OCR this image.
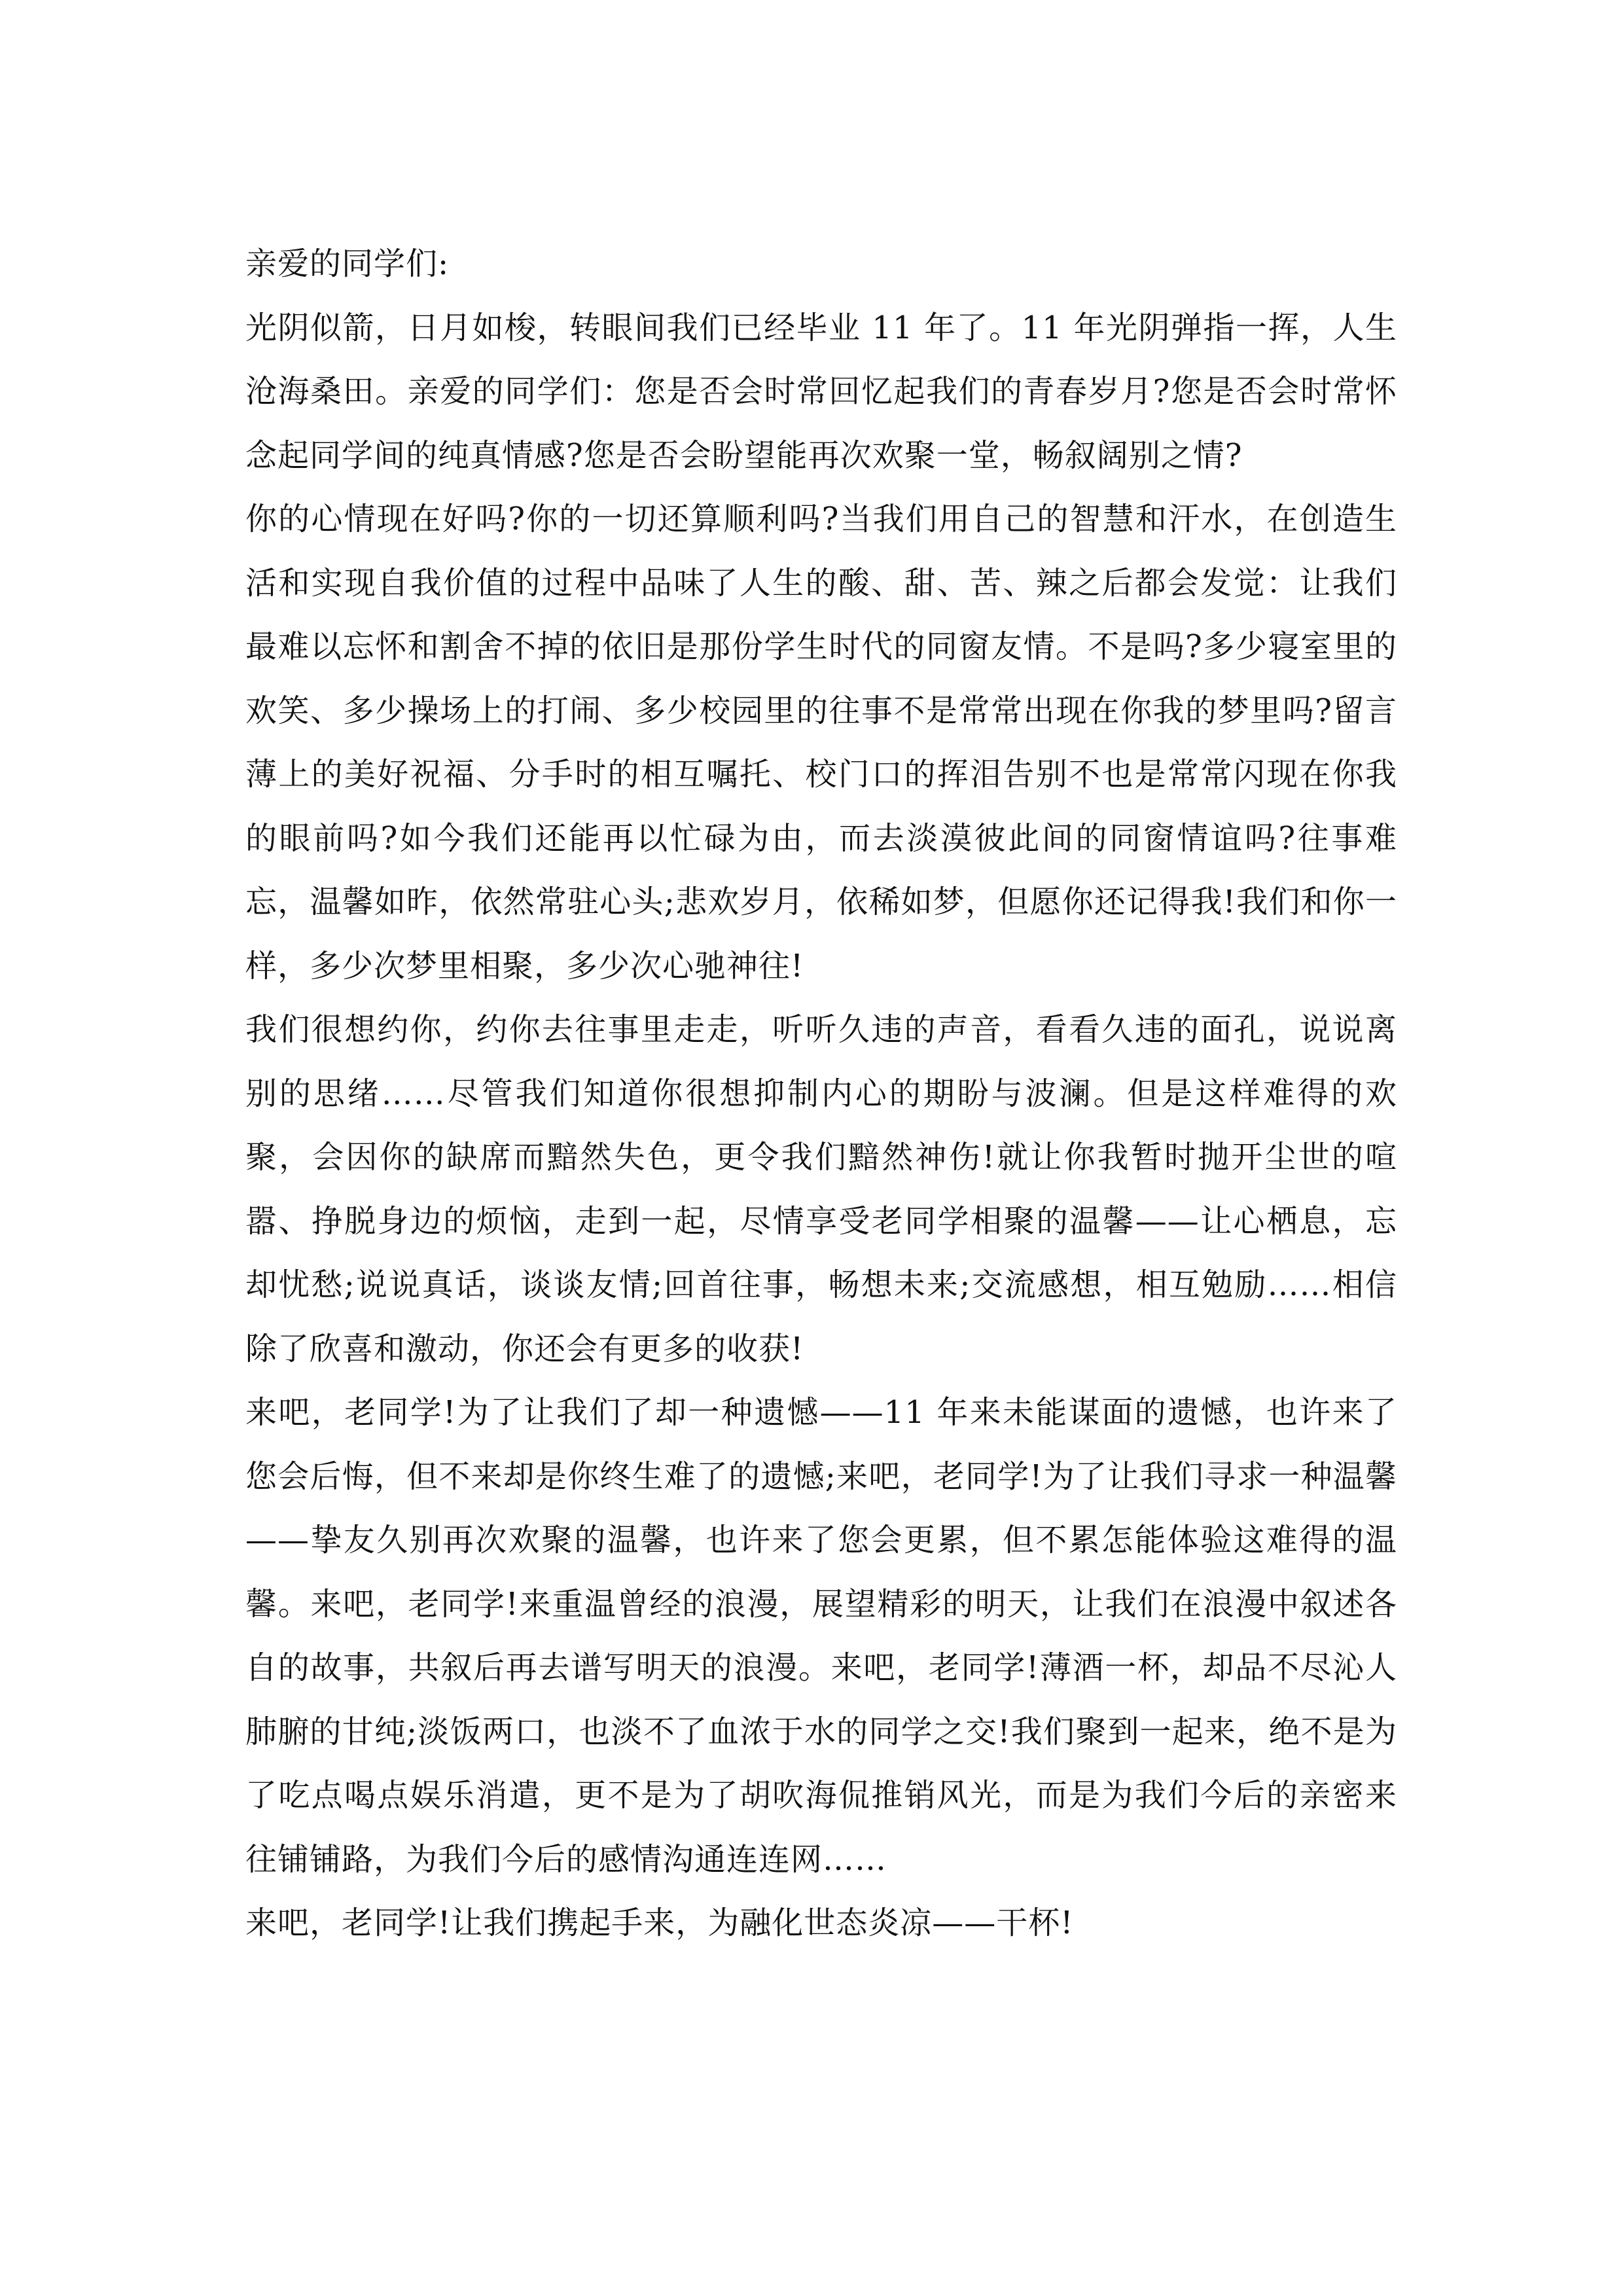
亲爱的同学们:

光阴似箭，日月如梭，转眼间我们已经毕业 11 年了。11 年光阴弹指一挥，人生沧海桑田。亲爱的同学们：您是否会时常回忆起我们的青春岁月?您是否会时常怀念起同学间的纯真情感?您是否会盼望能再次欢聚一堂，畅叙阔别之情?

你的心情现在好吗?你的一切还算顺利吗?当我们用自己的智慧和汗水，在创造生活和实现自我价值的过程中品味了人生的酸、甜、苦、辣之后都会发觉：让我们最难以忘怀和割舍不掉的依旧是那份学生时代的同窗友情。不是吗?多少寝室里的欢笑、多少操场上的打闹、多少校园里的往事不是常常出现在你我的梦里吗?留言薄上的美好祝福、分手时的相互嘱托、校门口的挥泪告别不也是常常闪现在你我的眼前吗?如今我们还能再以忙碌为由，而去淡漠彼此间的同窗情谊吗?往事难忘，温馨如昨，依然常驻心头;悲欢岁月，依稀如梦，但愿你还记得我!我们和你一样，多少次梦里相聚，多少次心驰神往!

我们很想约你，约你去往事里走走，听听久违的声音，看看久违的面孔，说说离别的思绪……尽管我们知道你很想抑制内心的期盼与波澜。但是这样难得的欢聚，会因你的缺席而黯然失色，更令我们黯然神伤!就让你我暂时抛开尘世的喧嚣、挣脱身边的烦恼，走到一起，尽情享受老同学相聚的温馨——让心栖息，忘却忧愁;说说真话，谈谈友情;回首往事，畅想未来;交流感想，相互勉励……相信除了欣喜和激动，你还会有更多的收获!

来吧，老同学!为了让我们了却一种遗憾——11 年来未能谋面的遗憾，也许来了您会后悔，但不来却是你终生难了的遗憾;来吧，老同学!为了让我们寻求一种温馨——挚友久别再次欢聚的温馨，也许来了您会更累，但不累怎能体验这难得的温馨。来吧，老同学!来重温曾经的浪漫，展望精彩的明天，让我们在浪漫中叙述各自的故事，共叙后再去谱写明天的浪漫。来吧，老同学!薄酒一杯，却品不尽沁人肺腑的甘纯;淡饭两口，也淡不了血浓于水的同学之交!我们聚到一起来，绝不是为了吃点喝点娱乐消遣，更不是为了胡吹海侃推销风光，而是为我们今后的亲密来往铺铺路，为我们今后的感情沟通连连网……

来吧，老同学!让我们携起手来，为融化世态炎凉——干杯!
